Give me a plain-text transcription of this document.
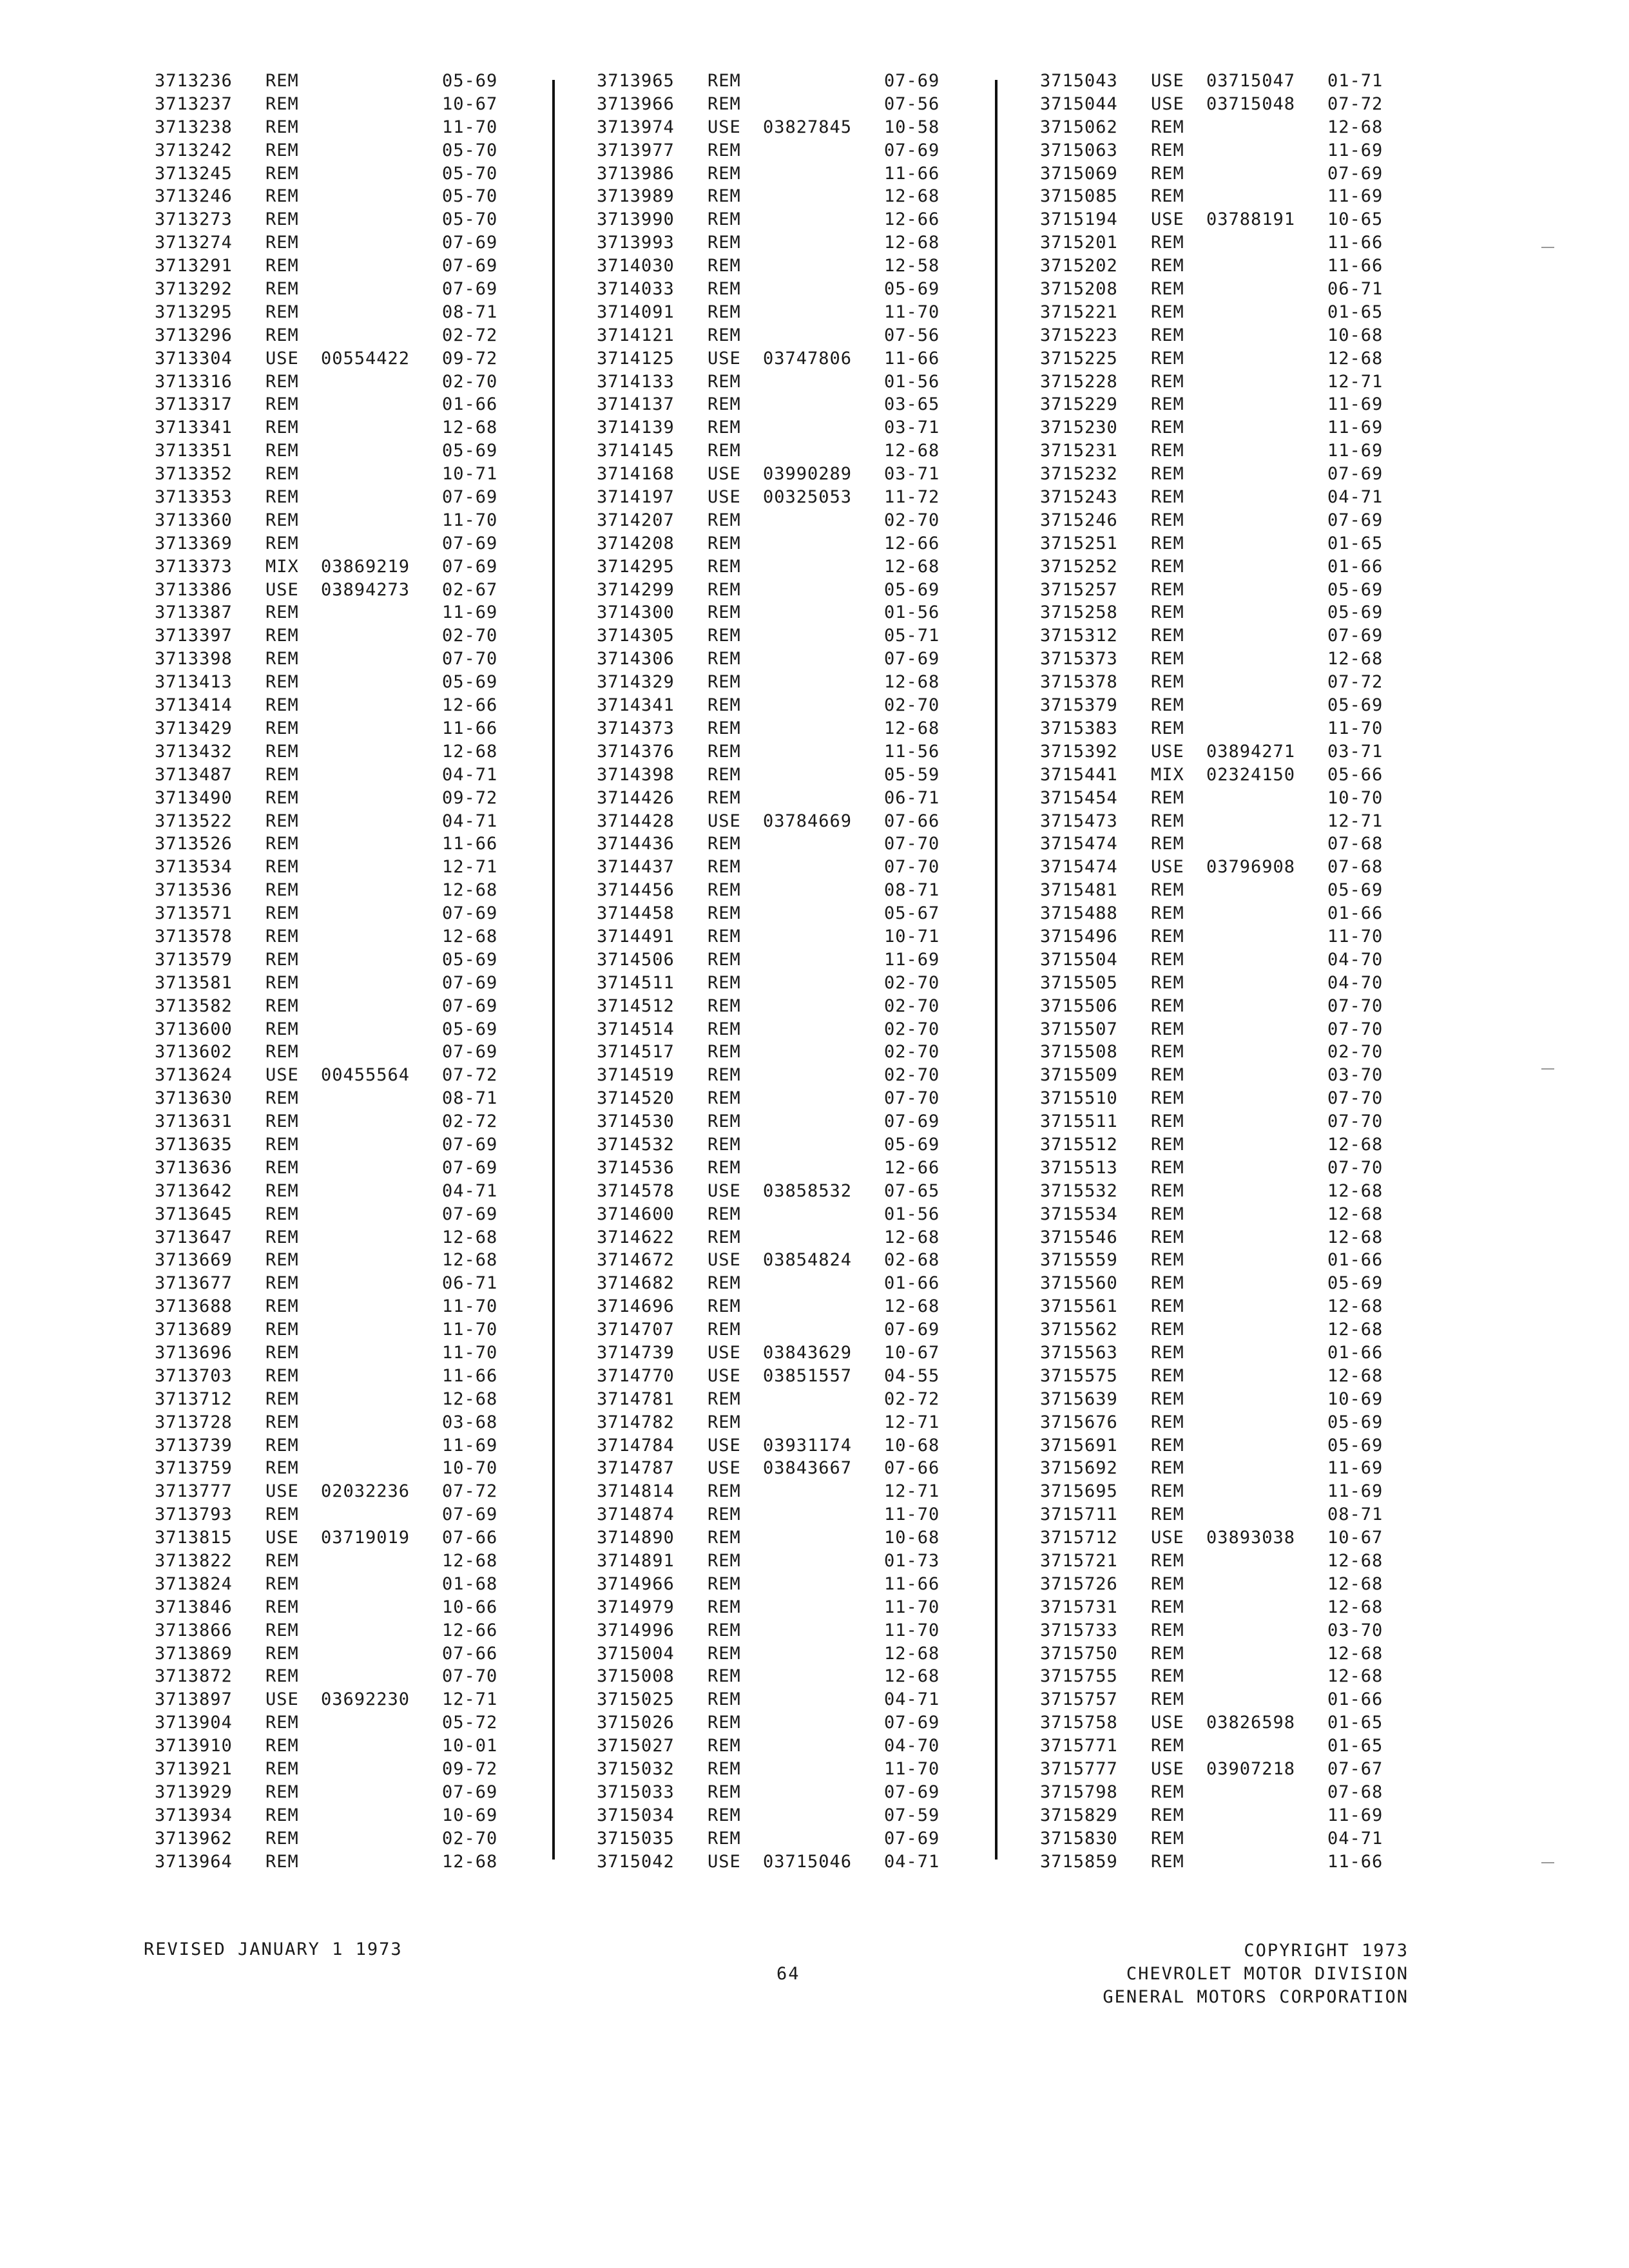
3713236 REM	05-69
3713237 REM	10-67
3713238 REM	11-70
3713242 REM	05-70
3713245 REM	05-70
3713246 REM	05-70
3713273 REM	05-70
3713274 REM	07-69
3713291 REM	07-69
3713292 REM	07-69
3713295 REM	08-71
3713296 REM	02-72
3713304 USE 00554422 09-72
3713316 REM	02-70
3713317 REM	01-66
3713341 REM	12-68
3713351 REM	05-69
3713352 REM	10-71
3713353 REM	07-69
3713360 REM	11-70
3713369 REM	07-69
3713373 MIX 03869219 07-69
3713386 USE 03894273 02-67
3713387 REM	11-69
3713397 REM	02-70
3713398 REM	07-70
3713413 REM	05-69
3713414 REM	12-66
3713429 REM	11-66
3713432 REM	12-68
3713487 REM	04-71
3713490 REM	09-72
3713522 REM	04-71
3713526 REM	11-66
3713534 REM	12-71
3713536 REM	12-68
3713571 REM	07-69
3713578 REM	12-68
3713579 REM	05-69
3713581 REM	07-69
3713582 REM	07-69
3713600 REM	05-69
3713602 REM	07-69
3713624 USE 00455564 07-72
3713630 REM	08-71
3713631 REM	02-72
3713635 REM	07-69
3713636 REM	07-69
3713642 REM	04-71
3713645 REM	07-69
3713647 REM	12-68
3713669 REM	12-68
3713677 REM	06-71
3713688 REM	11-70
3713689 REM	11-70
3713696 REM	11-70
3713703 REM	11-66
3713712 REM	12-68
3713728 REM	03-68
3713739 REM	11-69
3713759 REM	10-70
3713777 USE 02032236 07-72
3713793 REM	07-69
3713815 USE 03719019 07-66
3713822 REM	12-68
3713824 REM	01-68
3713846 REM	10-66
3713866 REM	12-66
3713869 REM	07-66
3713872 REM	07-70
3713897 USE 03692230 12-71
3713904 REM	05-72
3713910 REM	10-01
3713921 REM	09-72
3713929 REM	07-69
3713934 REM	10-69
3713962 REM	02-70
3713964 REM	12-68
3713965 REM	07-69
3713966 REM	07-56
3713974 USE 03827845 10-58
3713977 REM	07-69
3713986 REM	11-66
3713989 REM	12-68
3713990 REM	12-66
3713993 REM	12-68
3714030 REM	12-58
3714033 REM	05-69
3714091 REM	11-70
3714121 REM	07-56
3714125 USE 03747806 11-66
3714133 REM	01-56
3714137 REM	03-65
3714139 REM	03-71
3714145 REM	12-68
3714168 USE 03990289 03-71
3714197 USE 00325053 11-72
3714207 REM	02-70
3714208 REM	12-66
3714295 REM	12-68
3714299 REM	05-69
3714300 REM	01-56
3714305 REM	05-71
3714306 REM	07-69
3714329 REM	12-68
3714341 REM	02-70
3714373 REM	12-68
3714376 REM	11-56
3714398 REM	05-59
3714426 REM	06-71
3714428 USE 03784669 07-66
3714436 REM	07-70
3714437 REM	07-70
3714456 REM	08-71
3714458 REM	05-67
3714491 REM	10-71
3714506 REM	11-69
3714511 REM	02-70
3714512 REM	02-70
3714514 REM	02-70
3714517 REM	02-70
3714519 REM	02-70
3714520 REM	07-70
3714530 REM	07-69
3714532 REM	05-69
3714536 REM	12-66
3714578 USE 03858532 07-65
3714600 REM	01-56
3714622 REM	12-68
3714672 USE 03854824 02-68
3714682 REM	01-66
3714696 REM	12-68
3714707 REM	07-69
3714739 USE 03843629 10-67
3714770 USE 03851557 04-55
3714781 REM	02-72
3714782 REM	12-71
3714784 USE 03931174 10-68
3714787 USE 03843667 07-66
3714814 REM	12-71
3714874 REM	11-70
3714890 REM	10-68
3714891 REM	01-73
3714966 REM	11-66
3714979 REM	11-70
3714996 REM	11-70
3715004 REM	12-68
3715008 REM	12-68
3715025 REM	04-71
3715026 REM	07-69
3715027 REM	04-70
3715032 REM	11-70
3715033 REM	07-69
3715034 REM	07-59
3715035 REM	07-69
3715042 USE 03715046 04-71
3715043 USE 03715047 01-71
3715044 USE 03715048 07-72
3715062 REM	12-68
3715063 REM	11-69
3715069 REM	07-69
3715085 REM	11-69
3715194 USE 03788191 10-65
3715201 REM	11-66
3715202 REM	11-66
3715208 REM	06-71
3715221 REM	01-65
3715223 REM	10-68
3715225 REM	12-68
3715228 REM	12-71
3715229 REM	11-69
3715230 REM	11-69
3715231 REM	11-69
3715232 REM	07-69
3715243 REM	04-71
3715246 REM	07-69
3715251 REM	01-65
3715252 REM	01-66
3715257 REM	05-69
3715258 REM	05-69
3715312 REM	07-69
3715373 REM	12-68
3715378 REM	07-72
3715379 REM	05-69
3715383 REM	11-70
3715392 USE 03894271 03-71
3715441 MIX 02324150 05-66
3715454 REM	10-70
3715473 REM	12-71
3715474 REM	07-68
3715474 USE 03796908 07-68
3715481 REM	05-69
3715488 REM	01-66
3715496 REM	11-70
3715504 REM	04-70
3715505 REM	04-70
3715506 REM	07-70
3715507 REM	07-70
3715508 REM	02-70
3715509 REM	03-70
3715510 REM	07-70
3715511 REM	07-70
3715512 REM	12-68
3715513 REM	07-70
3715532 REM	12-68
3715534 REM	12-68
3715546 REM	12-68
3715559 REM	01-66
3715560 REM	05-69
3715561 REM	12-68
3715562 REM	12-68
3715563 REM	01-66
3715575 REM	12-68
3715639 REM	10-69
3715676 REM	05-69
3715691 REM	05-69
3715692 REM	11-69
3715695 REM	11-69
3715711 REM	08-71
3715712 USE 03893038 10-67
3715721 REM	12-68
3715726 REM	12-68
3715731 REM	12-68
3715733 REM	03-70
3715750 REM	12-68
3715755 REM	12-68
3715757 REM	01-66
3715758 USE 03826598 01-65
3715771 REM	01-65
3715777 USE 03907218 07-67
3715798 REM	07-68
3715829 REM	11-69
3715830 REM	04-71
3715859 REM	11-66
REVISED JANUARY 1 1973
64
COPYRIGHT 1973
CHEVROLET MOTOR DIVISION
GENERAL MOTORS CORPORATION
